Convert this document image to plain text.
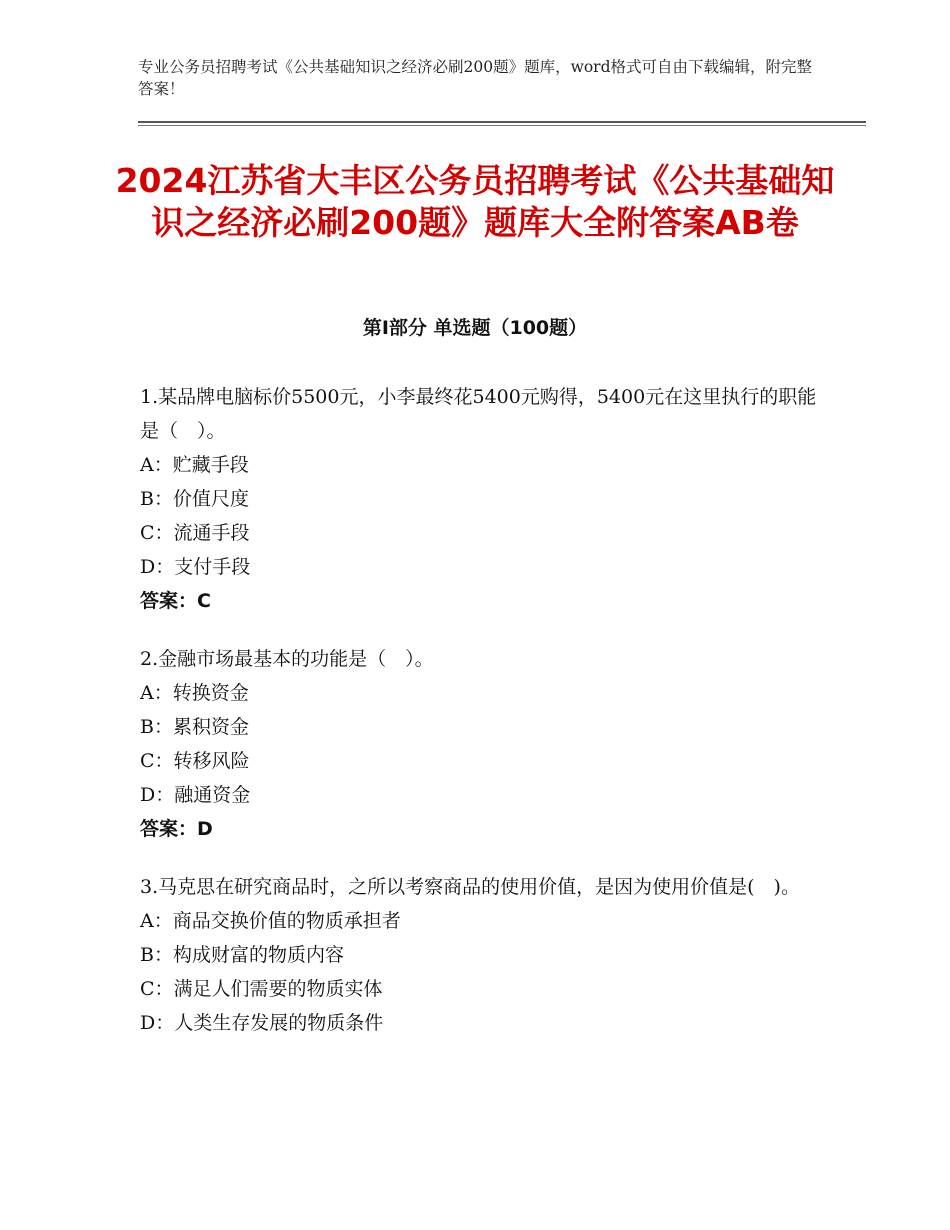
专业公务员招聘考试《公共基础知识之经济必刷200题》题库，word格式可自由下载编辑，附完整答案！
2024江苏省大丰区公务员招聘考试《公共基础知识之经济必刷200题》题库大全附答案AB卷
第Ⅰ部分 单选题（100题）

1.某品牌电脑标价5500元，小李最终花5400元购得，5400元在这里执行的职能是（　）。

A：贮藏手段

B：价值尺度

C：流通手段

D：支付手段

答案：C

2.金融市场最基本的功能是（　）。

A：转换资金

B：累积资金

C：转移风险

D：融通资金

答案：D

3.马克思在研究商品时，之所以考察商品的使用价值，是因为使用价值是(　)。

A：商品交换价值的物质承担者

B：构成财富的物质内容

C：满足人们需要的物质实体

D：人类生存发展的物质条件
